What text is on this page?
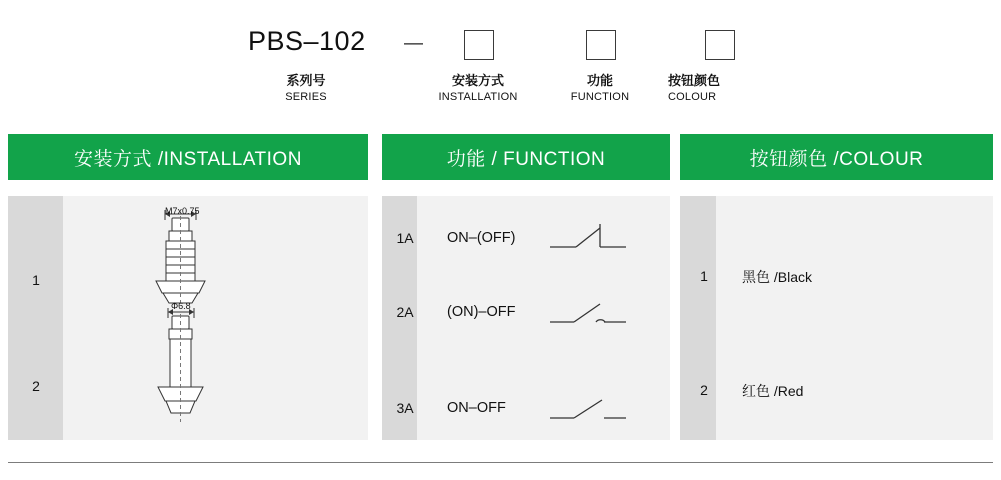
PBS–102 —
系列号
SERIES
安装方式
INSTALLATION
功能
FUNCTION
按钮颜色
COLOUR
安装方式 /INSTALLATION	功能 / FUNCTION	按钮颜色 /COLOUR
1
2
M7x0.75
Φ6.8
1A	ON–(OFF)
2A	(ON)–OFF
3A	ON–OFF
1	黑色 /Black
2	红色 /Red
